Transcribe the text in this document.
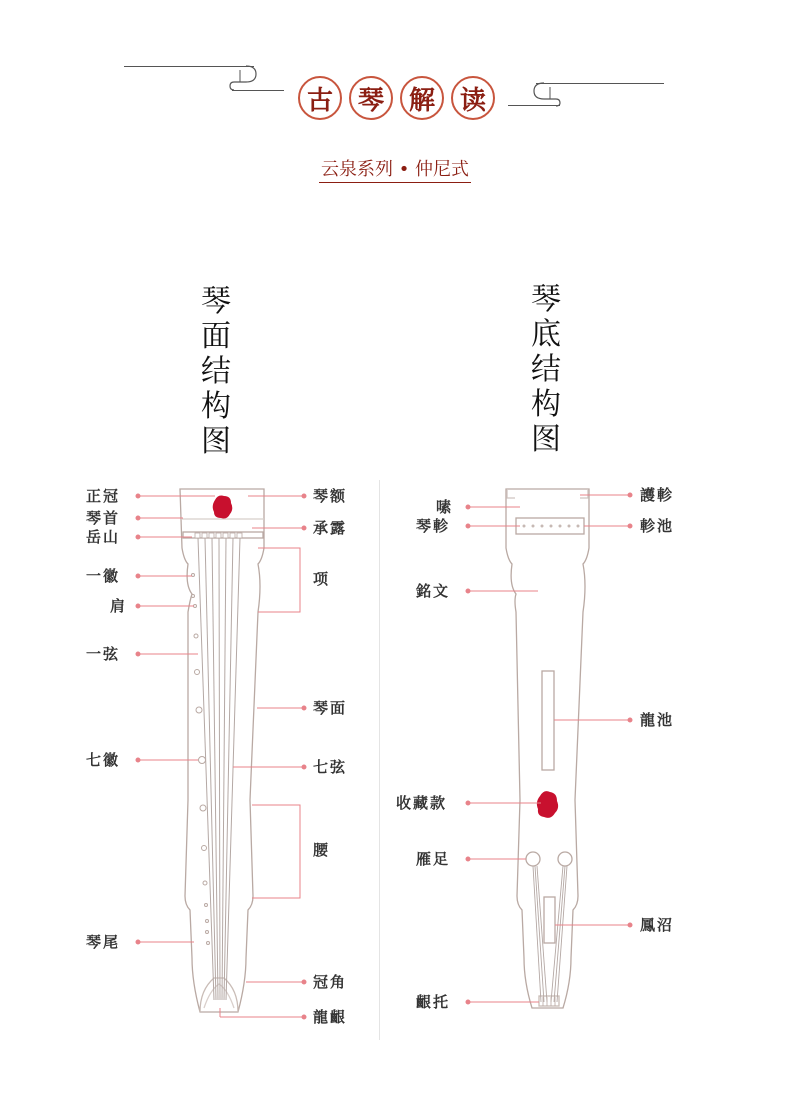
古 琴 解 读
云泉系列 • 仲尼式
琴
面
结
构
图
琴
底
结
构
图
正冠
琴首
岳山
一徽
肩
一弦
七徽
琴尾
琴额
承露
项
琴面
七弦
腰
冠角
龍齦
嗉
琴軫
銘文
收藏款
雁足
齦托
護軫
軫池
龍池
鳳沼
